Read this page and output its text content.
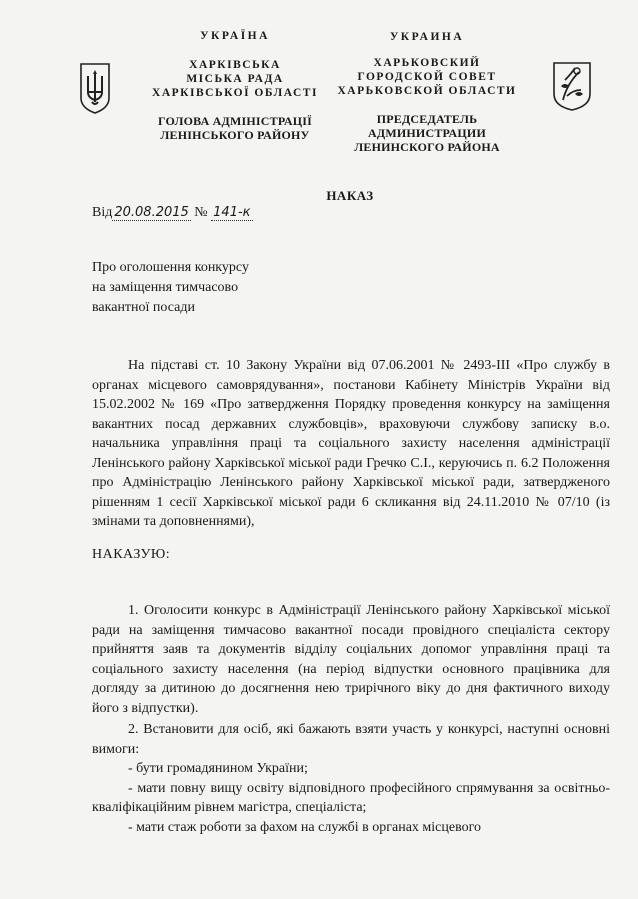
УКРАЇНА
ХАРКІВСЬКА
МІСЬКА РАДА
ХАРКІВСЬКОЇ ОБЛАСТІ
ГОЛОВА АДМІНІСТРАЦІЇ
ЛЕНІНСЬКОГО РАЙОНУ
УКРАИНА
ХАРЬКОВСКИЙ
ГОРОДСКОЙ СОВЕТ
ХАРЬКОВСКОЙ ОБЛАСТИ
ПРЕДСЕДАТЕЛЬ АДМИНИСТРАЦИИ
ЛЕНИНСКОГО РАЙОНА
НАКАЗ
Від 20.08.2015 № 141-к
Про оголошення конкурсу
на заміщення тимчасово
вакантної посади
На підставі ст. 10 Закону України від 07.06.2001 № 2493-III «Про службу в органах місцевого самоврядування», постанови Кабінету Міністрів України від 15.02.2002 № 169 «Про затвердження Порядку проведення конкурсу на заміщення вакантних посад державних службовців», враховуючи службову записку в.о. начальника управління праці та соціального захисту населення адміністрації Ленінського району Харківської міської ради Гречко С.І., керуючись п. 6.2 Положення про Адміністрацію Ленінського району Харківської міської ради, затвердженого рішенням 1 сесії Харківської міської ради 6 скликання від 24.11.2010 № 07/10 (із змінами та доповненнями),
НАКАЗУЮ:
1. Оголосити конкурс в Адміністрації Ленінського району Харківської міської ради на заміщення тимчасово вакантної посади провідного спеціаліста сектору прийняття заяв та документів відділу соціальних допомог управління праці та соціального захисту населення (на період відпустки основного працівника для догляду за дитиною до досягнення нею трирічного віку до дня фактичного виходу його з відпустки).
2. Встановити для осіб, які бажають взяти участь у конкурсі, наступні основні вимоги:
- бути громадянином України;
- мати повну вищу освіту відповідного професійного спрямування за освітньо-кваліфікаційним рівнем магістра, спеціаліста;
- мати стаж роботи за фахом на службі в органах місцевого
